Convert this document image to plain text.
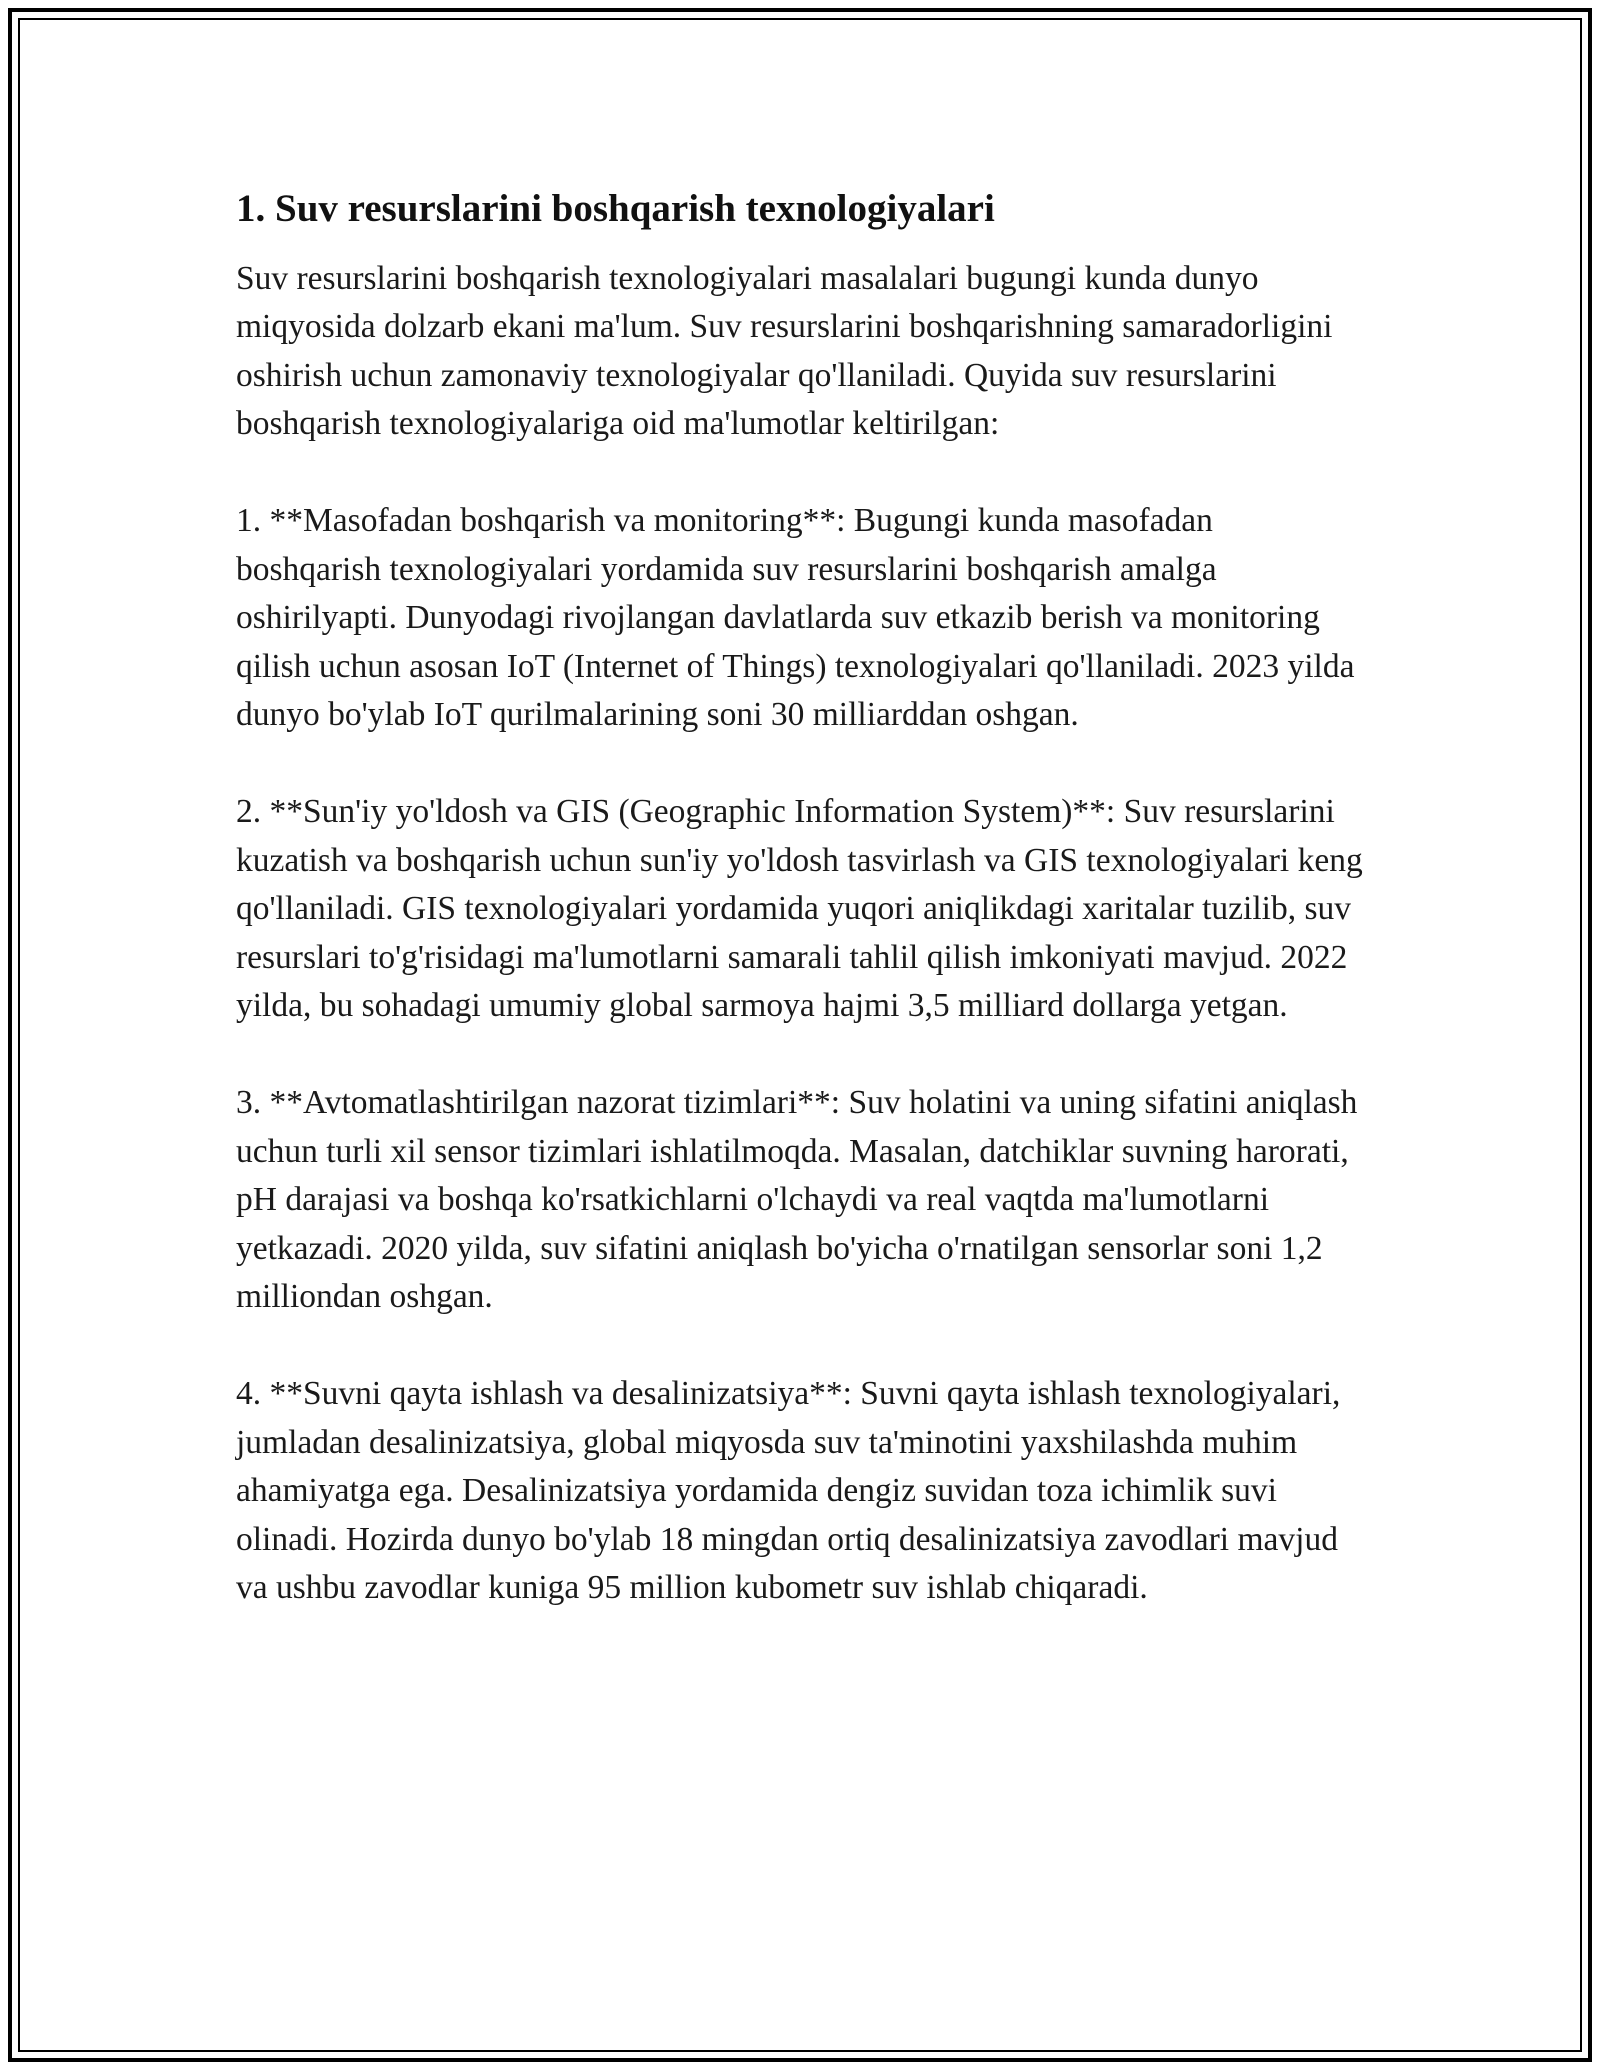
1. Suv resurslarini boshqarish texnologiyalari

Suv resurslarini boshqarish texnologiyalari masalalari bugungi kunda dunyo miqyosida dolzarb ekani ma'lum. Suv resurslarini boshqarishning samaradorligini oshirish uchun zamonaviy texnologiyalar qo'llaniladi. Quyida suv resurslarini boshqarish texnologiyalariga oid ma'lumotlar keltirilgan:

1. **Masofadan boshqarish va monitoring**: Bugungi kunda masofadan boshqarish texnologiyalari yordamida suv resurslarini boshqarish amalga oshirilyapti. Dunyodagi rivojlangan davlatlarda suv etkazib berish va monitoring qilish uchun asosan IoT (Internet of Things) texnologiyalari qo'llaniladi. 2023 yilda dunyo bo'ylab IoT qurilmalarining soni 30 milliarddan oshgan.

2. **Sun'iy yo'ldosh va GIS (Geographic Information System)**: Suv resurslarini kuzatish va boshqarish uchun sun'iy yo'ldosh tasvirlash va GIS texnologiyalari keng qo'llaniladi. GIS texnologiyalari yordamida yuqori aniqlikdagi xaritalar tuzilib, suv resurslari to'g'risidagi ma'lumotlarni samarali tahlil qilish imkoniyati mavjud. 2022 yilda, bu sohadagi umumiy global sarmoya hajmi 3,5 milliard dollarga yetgan.

3. **Avtomatlashtirilgan nazorat tizimlari**: Suv holatini va uning sifatini aniqlash uchun turli xil sensor tizimlari ishlatilmoqda. Masalan, datchiklar suvning harorati, pH darajasi va boshqa ko'rsatkichlarni o'lchaydi va real vaqtda ma'lumotlarni yetkazadi. 2020 yilda, suv sifatini aniqlash bo'yicha o'rnatilgan sensorlar soni 1,2 milliondan oshgan.

4. **Suvni qayta ishlash va desalinizatsiya**: Suvni qayta ishlash texnologiyalari, jumladan desalinizatsiya, global miqyosda suv ta'minotini yaxshilashda muhim ahamiyatga ega. Desalinizatsiya yordamida dengiz suvidan toza ichimlik suvi olinadi. Hozirda dunyo bo'ylab 18 mingdan ortiq desalinizatsiya zavodlari mavjud va ushbu zavodlar kuniga 95 million kubometr suv ishlab chiqaradi.
